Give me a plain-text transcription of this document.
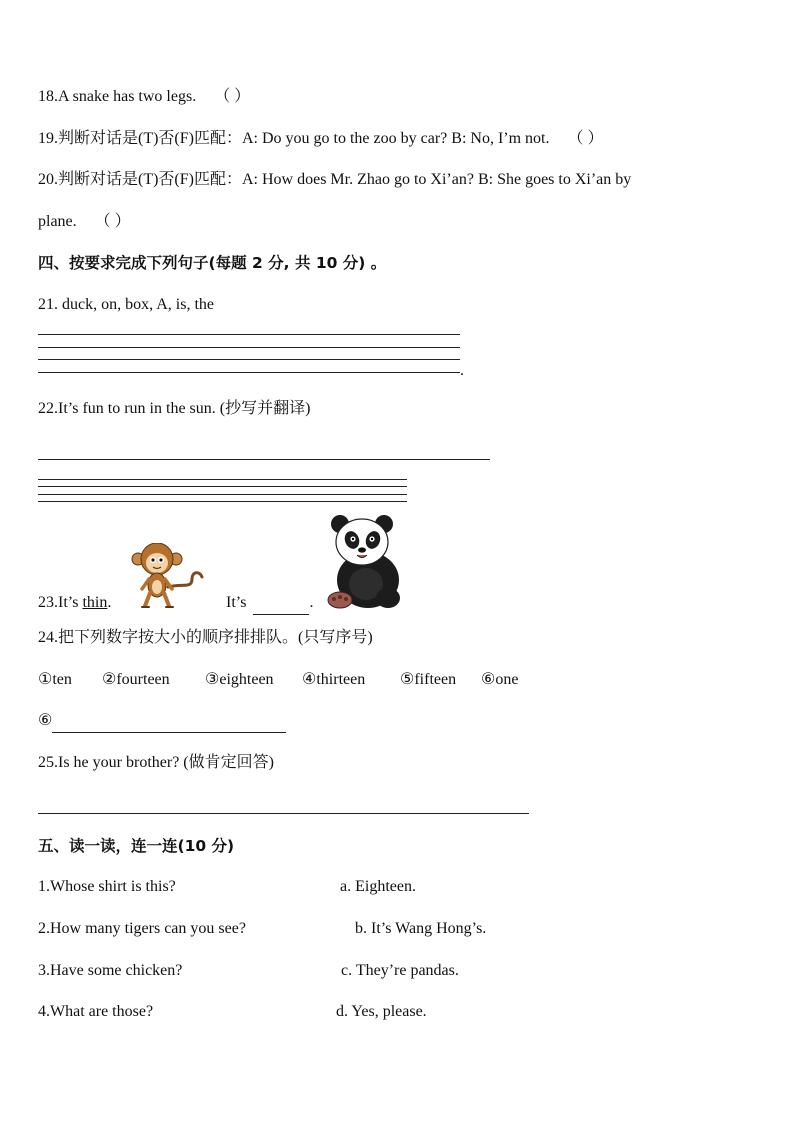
18.A snake has two legs. （ ）
19.判断对话是(T)否(F)匹配：A: Do you go to the zoo by car? B: No, I’m not. （ ）
20.判断对话是(T)否(F)匹配：A: How does Mr. Zhao go to Xi’an? B: She goes to Xi’an by
plane. （ ）
四、按要求完成下列句子(每题 2 分, 共 10 分) 。
21. duck, on, box, A, is, the
.
22.It’s fun to run in the sun. (抄写并翻译)
23.It’s thin.	It’s	.
24.把下列数字按大小的顺序排排队。(只写序号)
①ten ②fourteen ③eighteen ④thirteen ⑤fifteen ⑥one
⑥
25.Is he your brother? (做肯定回答)
五、读一读，连一连(10 分)
1.Whose shirt is this?	a. Eighteen.
2.How many tigers can you see?	b. It’s Wang Hong’s.
3.Have some chicken?	c. They’re pandas.
4.What are those?	d. Yes, please.
